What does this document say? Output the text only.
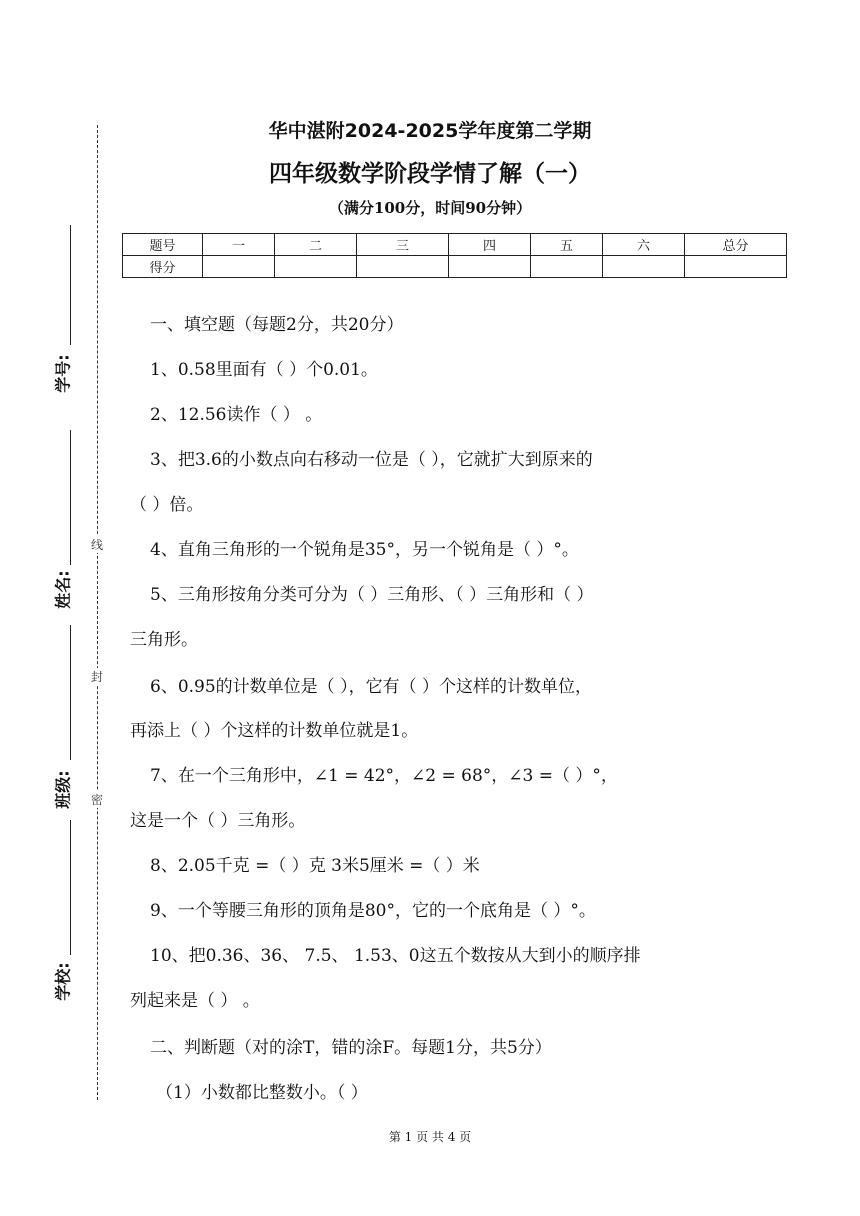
线
封
密
学号:
姓名:
班级:
学校:
华中湛附2024-2025学年度第二学期
四年级数学阶段学情了解（一）
（满分100分，时间90分钟）
题号	一	二	三	四	五	六	总分
得分							
一、填空题（每题2分，共20分）
1、0.58里面有（ ）个0.01。
2、12.56读作（ ） 。
3、把3.6的小数点向右移动一位是（ ），它就扩大到原来的
（ ）倍。
4、直角三角形的一个锐角是35°，另一个锐角是（ ）°。
5、三角形按角分类可分为（ ）三角形、（ ）三角形和（ ）
三角形。
6、0.95的计数单位是（ ），它有（ ）个这样的计数单位，
再添上（ ）个这样的计数单位就是1。
7、在一个三角形中，∠1 = 42°，∠2 = 68°，∠3 =（ ）°，
这是一个（ ）三角形。
8、2.05千克 =（ ）克 3米5厘米 =（ ）米
9、一个等腰三角形的顶角是80°，它的一个底角是（ ）°。
10、把0.36、36、 7.5、 1.53、0这五个数按从大到小的顺序排
列起来是（ ） 。
二、判断题（对的涂T，错的涂F。每题1分，共5分）
（1）小数都比整数小。（ ）
第 1 页 共 4 页
